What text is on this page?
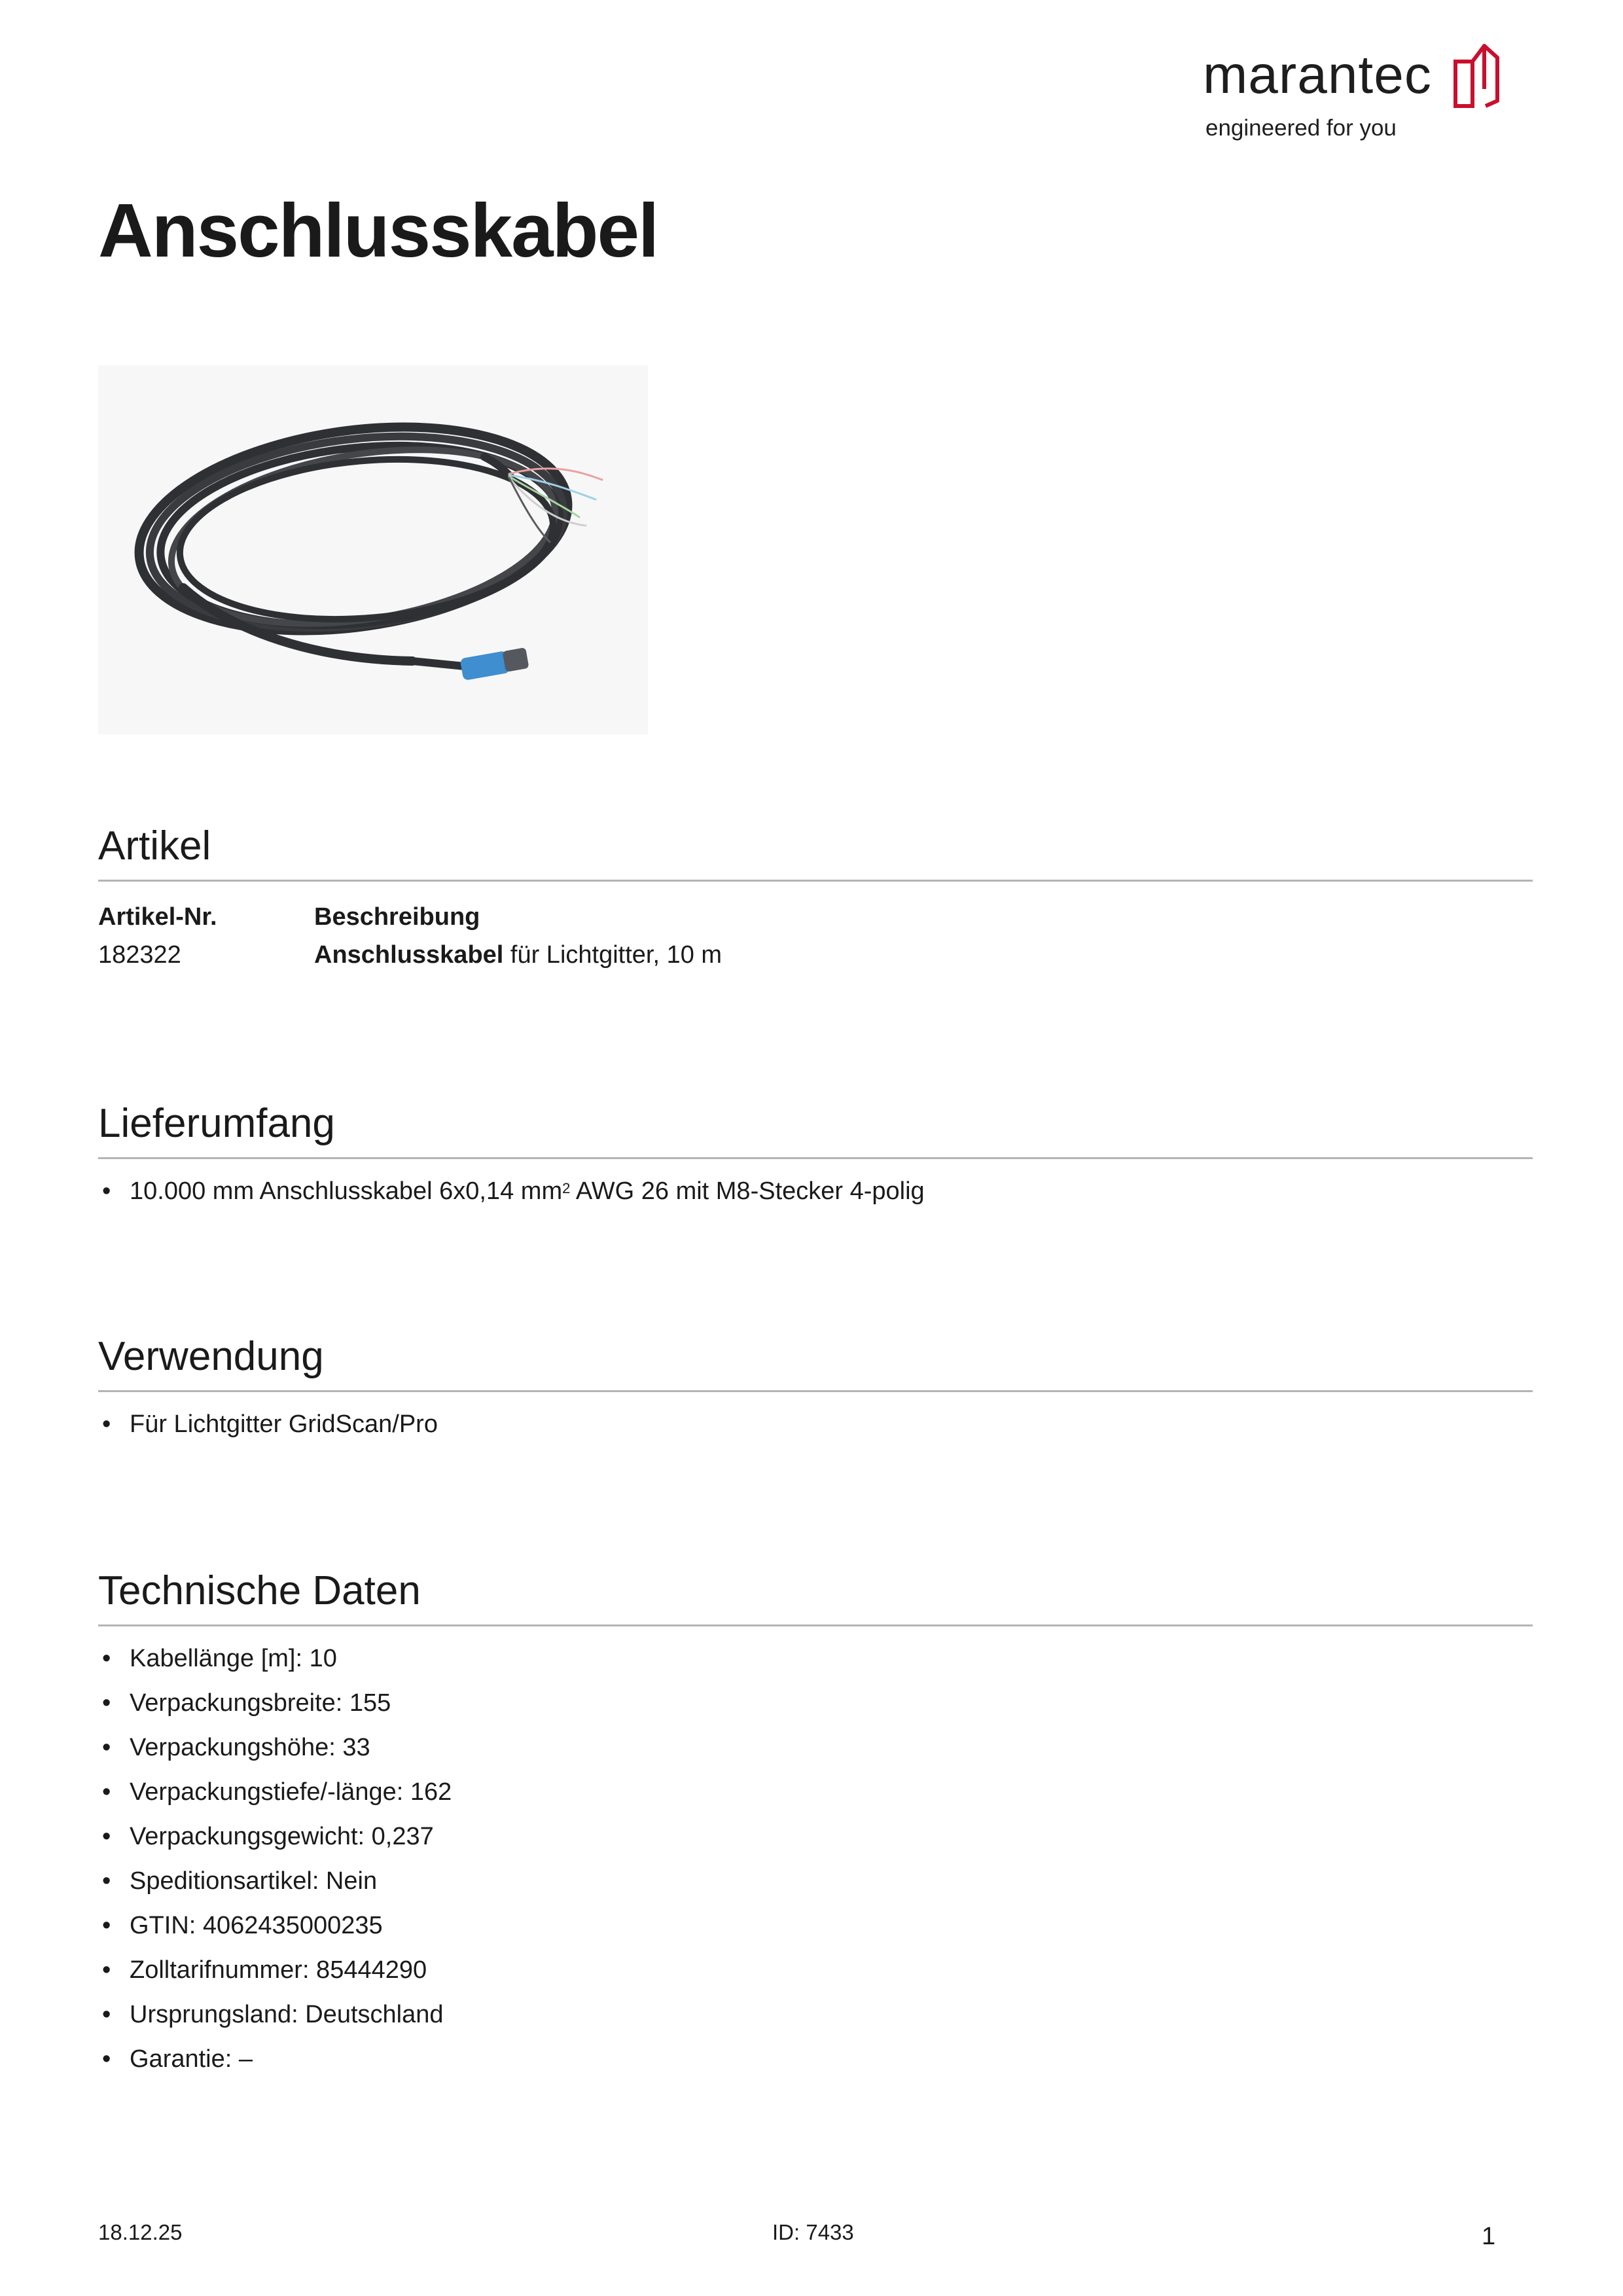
marantec
engineered for you
Anschlusskabel
Artikel
Artikel-Nr.	Beschreibung
182322	Anschlusskabel für Lichtgitter, 10 m
Lieferumfang
• 10.000 mm Anschlusskabel 6x0,14 $mm^2$ AWG 26 mit M8-Stecker 4-polig
Verwendung
• Für Lichtgitter GridScan/Pro
Technische Daten
• Kabellänge [m]: 10
• Verpackungsbreite: 155
• Verpackungshöhe: 33
• Verpackungstiefe/-länge: 162
• Verpackungsgewicht: 0,237
• Speditionsartikel: Nein
• GTIN: 4062435000235
• Zolltarifnummer: 85444290
• Ursprungsland: Deutschland
• Garantie: –
18.12.25	ID: 7433	1
